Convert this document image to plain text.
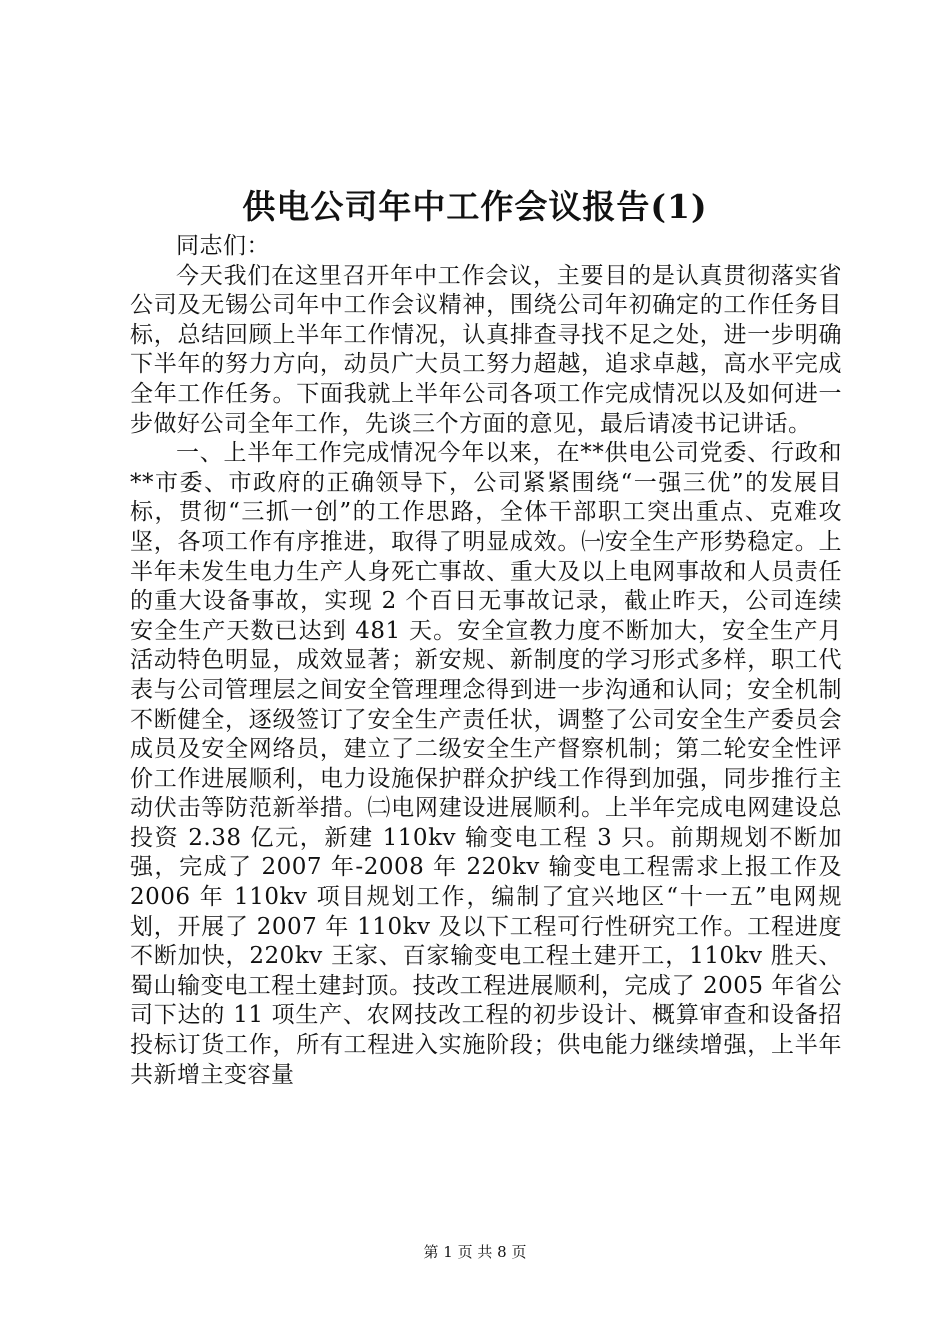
供电公司年中工作会议报告(1)

同志们：

今天我们在这里召开年中工作会议，主要目的是认真贯彻落实省公司及无锡公司年中工作会议精神，围绕公司年初确定的工作任务目标，总结回顾上半年工作情况，认真排查寻找不足之处，进一步明确下半年的努力方向，动员广大员工努力超越，追求卓越，高水平完成全年工作任务。下面我就上半年公司各项工作完成情况以及如何进一步做好公司全年工作，先谈三个方面的意见，最后请凌书记讲话。

一、上半年工作完成情况今年以来，在**供电公司党委、行政和**市委、市政府的正确领导下，公司紧紧围绕“一强三优”的发展目标，贯彻“三抓一创”的工作思路，全体干部职工突出重点、克难攻坚，各项工作有序推进，取得了明显成效。㈠安全生产形势稳定。上半年未发生电力生产人身死亡事故、重大及以上电网事故和人员责任的重大设备事故，实现 2 个百日无事故记录，截止昨天，公司连续安全生产天数已达到 481 天。安全宣教力度不断加大，安全生产月活动特色明显，成效显著；新安规、新制度的学习形式多样，职工代表与公司管理层之间安全管理理念得到进一步沟通和认同；安全机制不断健全，逐级签订了安全生产责任状，调整了公司安全生产委员会成员及安全网络员，建立了二级安全生产督察机制；第二轮安全性评价工作进展顺利，电力设施保护群众护线工作得到加强，同步推行主动伏击等防范新举措。㈡电网建设进展顺利。上半年完成电网建设总投资 2.38 亿元，新建 110kv 输变电工程 3 只。前期规划不断加强，完成了 2007 年-2008 年 220kv 输变电工程需求上报工作及 2006 年 110kv 项目规划工作，编制了宜兴地区“十一五”电网规划，开展了 2007 年 110kv 及以下工程可行性研究工作。工程进度不断加快，220kv 王家、百家输变电工程土建开工，110kv 胜天、蜀山输变电工程土建封顶。技改工程进展顺利，完成了 2005 年省公司下达的 11 项生产、农网技改工程的初步设计、概算审查和设备招投标订货工作，所有工程进入实施阶段；供电能力继续增强，上半年共新增主变容量

第 1 页 共 8 页
